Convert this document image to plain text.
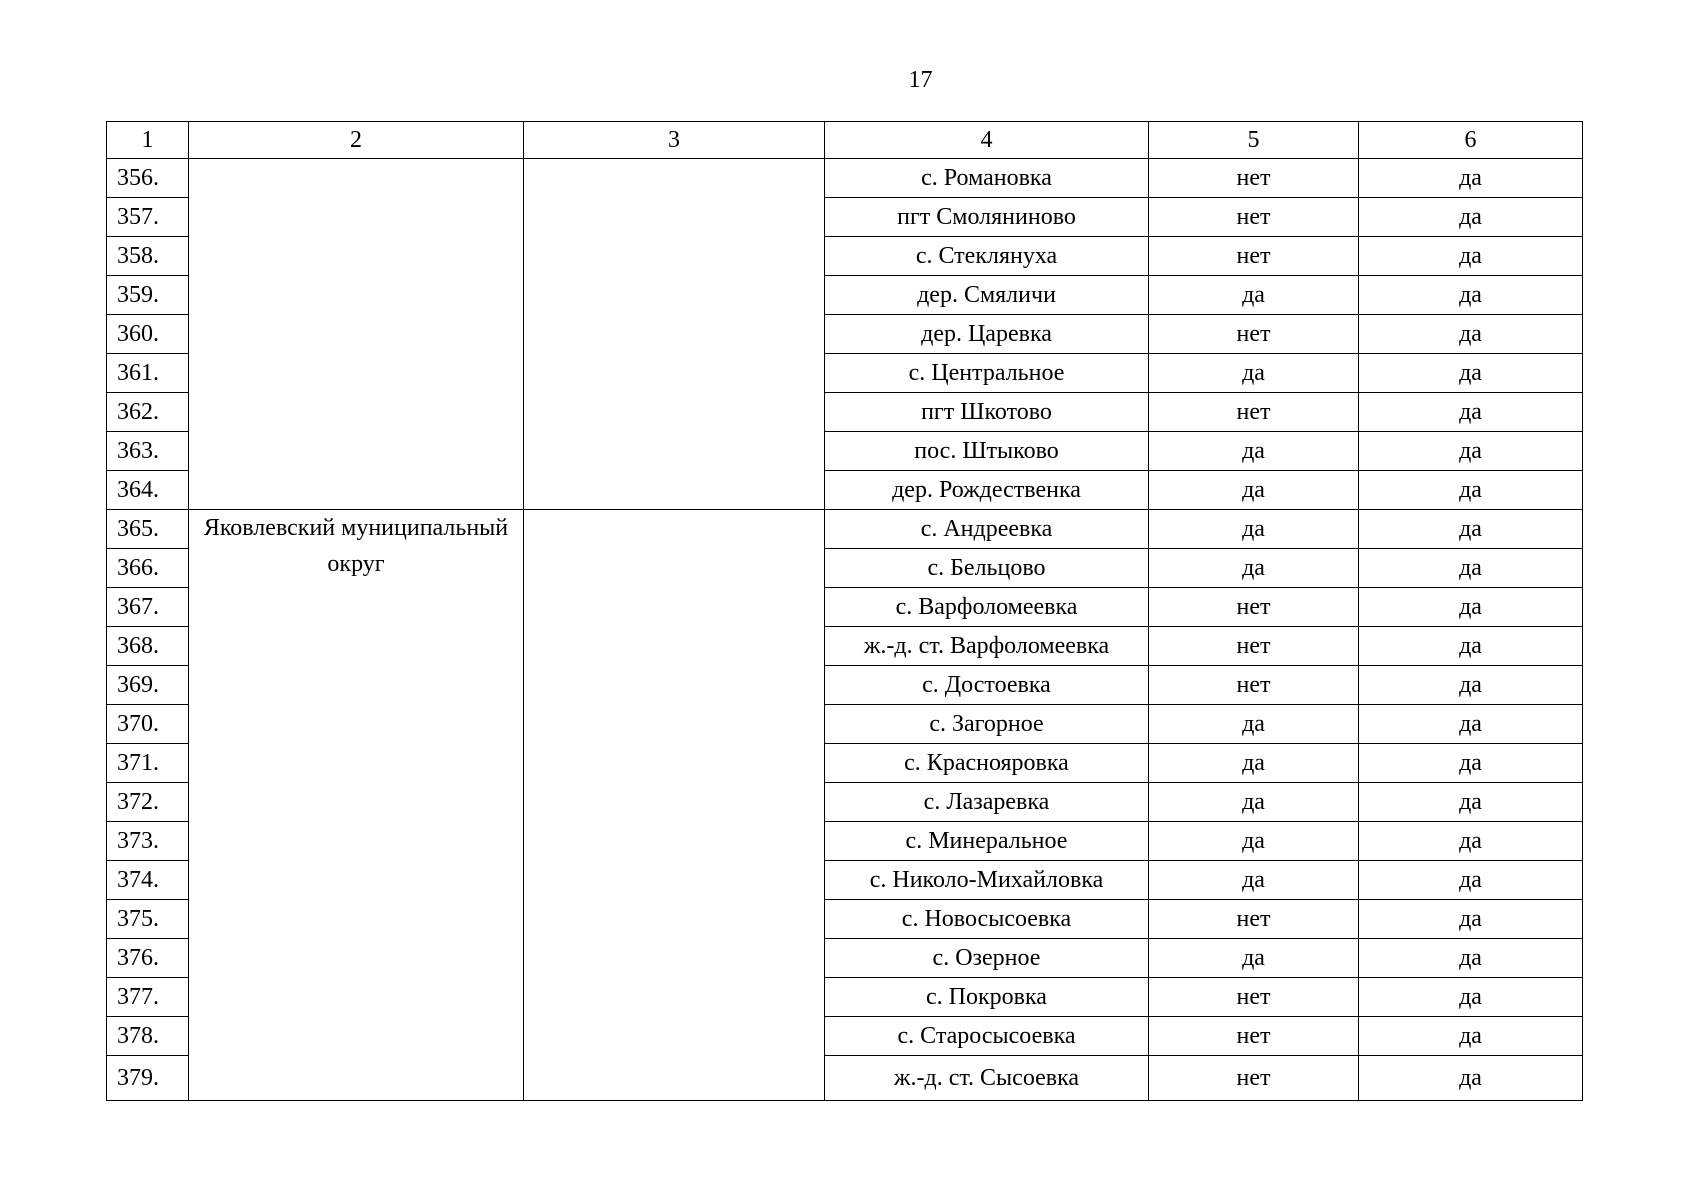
17
1	2	3	4	5	6
356.			с. Романовка	нет	да
357.			пгт Смоляниново	нет	да
358.			с. Стеклянуха	нет	да
359.			дер. Смяличи	да	да
360.			дер. Царевка	нет	да
361.			с. Центральное	да	да
362.			пгт Шкотово	нет	да
363.			пос. Штыково	да	да
364.			дер. Рождественка	да	да
365.	Яковлевский муниципальный округ		с. Андреевка	да	да
366.			с. Бельцово	да	да
367.			с. Варфоломеевка	нет	да
368.			ж.-д. ст. Варфоломеевка	нет	да
369.			с. Достоевка	нет	да
370.			с. Загорное	да	да
371.			с. Краснояровка	да	да
372.			с. Лазаревка	да	да
373.			с. Минеральное	да	да
374.			с. Николо-Михайловка	да	да
375.			с. Новосысоевка	нет	да
376.			с. Озерное	да	да
377.			с. Покровка	нет	да
378.			с. Старосысоевка	нет	да
379.			ж.-д. ст. Сысоевка	нет	да
